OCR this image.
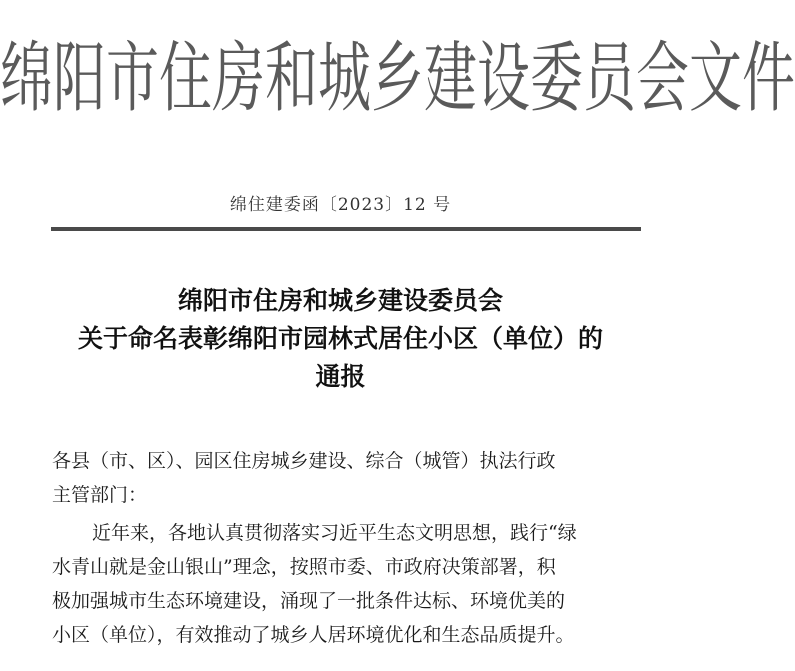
绵阳市住房和城乡建设委员会文件
绵住建委函〔2023〕12 号
绵阳市住房和城乡建设委员会
关于命名表彰绵阳市园林式居住小区（单位）的
通报
各县（市、区）、园区住房城乡建设、综合（城管）执法行政
主管部门：
近年来，各地认真贯彻落实习近平生态文明思想，践行“绿
水青山就是金山银山”理念，按照市委、市政府决策部署，积
极加强城市生态环境建设，涌现了一批条件达标、环境优美的
小区（单位），有效推动了城乡人居环境优化和生态品质提升。
